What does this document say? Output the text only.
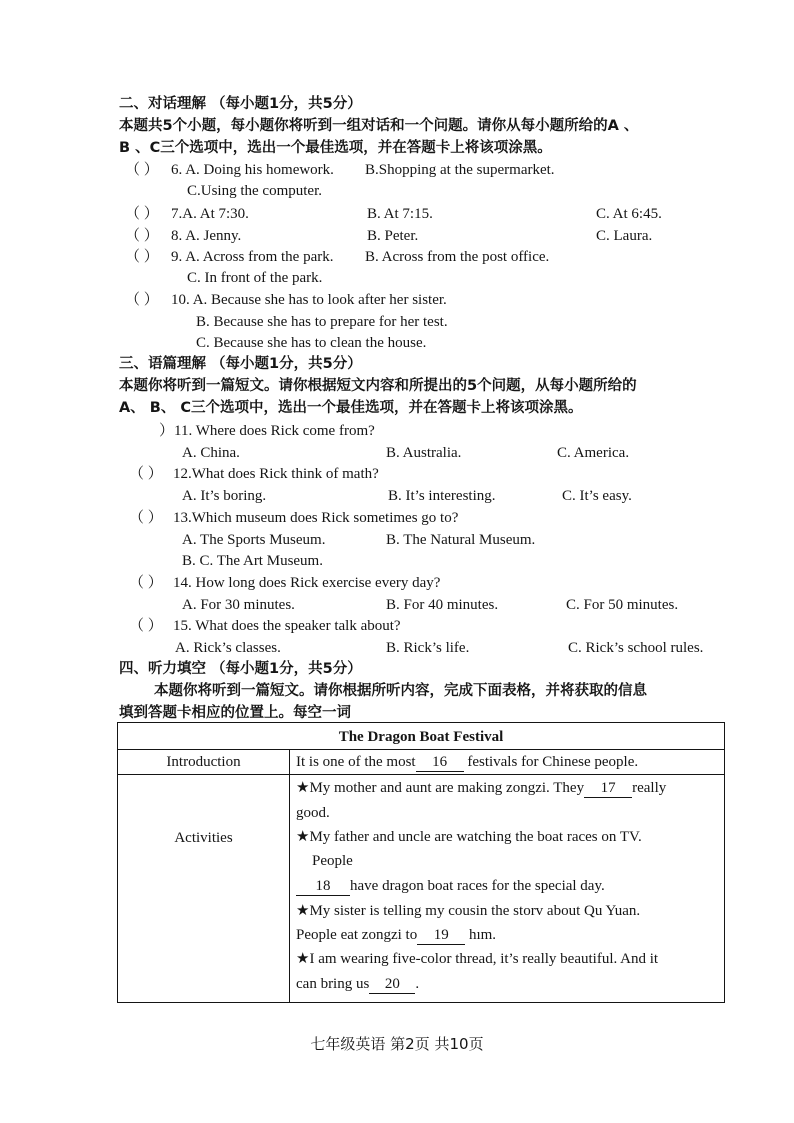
二、对话理解 （每小题1分，共5分）
本题共5个小题，每小题你将听到一组对话和一个问题。请你从每小题所给的A 、
B 、C三个选项中，选出一个最佳选项，并在答题卡上将该项涂黑。
（ ） 6. A. Doing his homework. B.Shopping at the supermarket.
C.Using the computer.
（ ） 7.A. At 7:30.	B. At 7:15.	C. At 6:45.
（ ） 8. A. Jenny.	B. Peter.	C. Laura.
（ ） 9. A. Across from the park. B. Across from the post office.
C. In front of the park.
（ ） 10. A. Because she has to look after her sister.
B. Because she has to prepare for her test.
C. Because she has to clean the house.
三、语篇理解 （每小题1分，共5分）
本题你将听到一篇短文。请你根据短文内容和所提出的5个问题，从每小题所给的
A、 B、 C三个选项中，选出一个最佳选项，并在答题卡上将该项涂黑。
）11. Where does Rick come from?
A. China.	B. Australia.	C. America.
（ ） 12.What does Rick think of math?
A. It’s boring.	B. It’s interesting.	C. It’s easy.
（ ） 13.Which museum does Rick sometimes go to?
A. The Sports Museum.	B. The Natural Museum.
B. C. The Art Museum.
（ ） 14. How long does Rick exercise every day?
A. For 30 minutes.	B. For 40 minutes.	C. For 50 minutes.
（ ） 15. What does the speaker talk about?
A. Rick’s classes.	B. Rick’s life.	C. Rick’s school rules.
四、听力填空 （每小题1分，共5分）
本题你将听到一篇短文。请你根据所听内容，完成下面表格，并将获取的信息
填到答题卡相应的位置上。每空一词
The Dragon Boat Festival
Introduction	It is one of the most 16 festivals for Chinese people.
Activities
★My mother and aunt are making zongzi. They 17 really
good.
★My father and uncle are watching the boat races on TV.
People
18 have dragon boat races for the special day.
★My sister is telling my cousin the storv about Qu Yuan.
People eat zongzi to 19 hım.
★I am wearing five-color thread, it’s really beautiful. And it
can bring us 20 .
七年级英语 第2页 共10页
